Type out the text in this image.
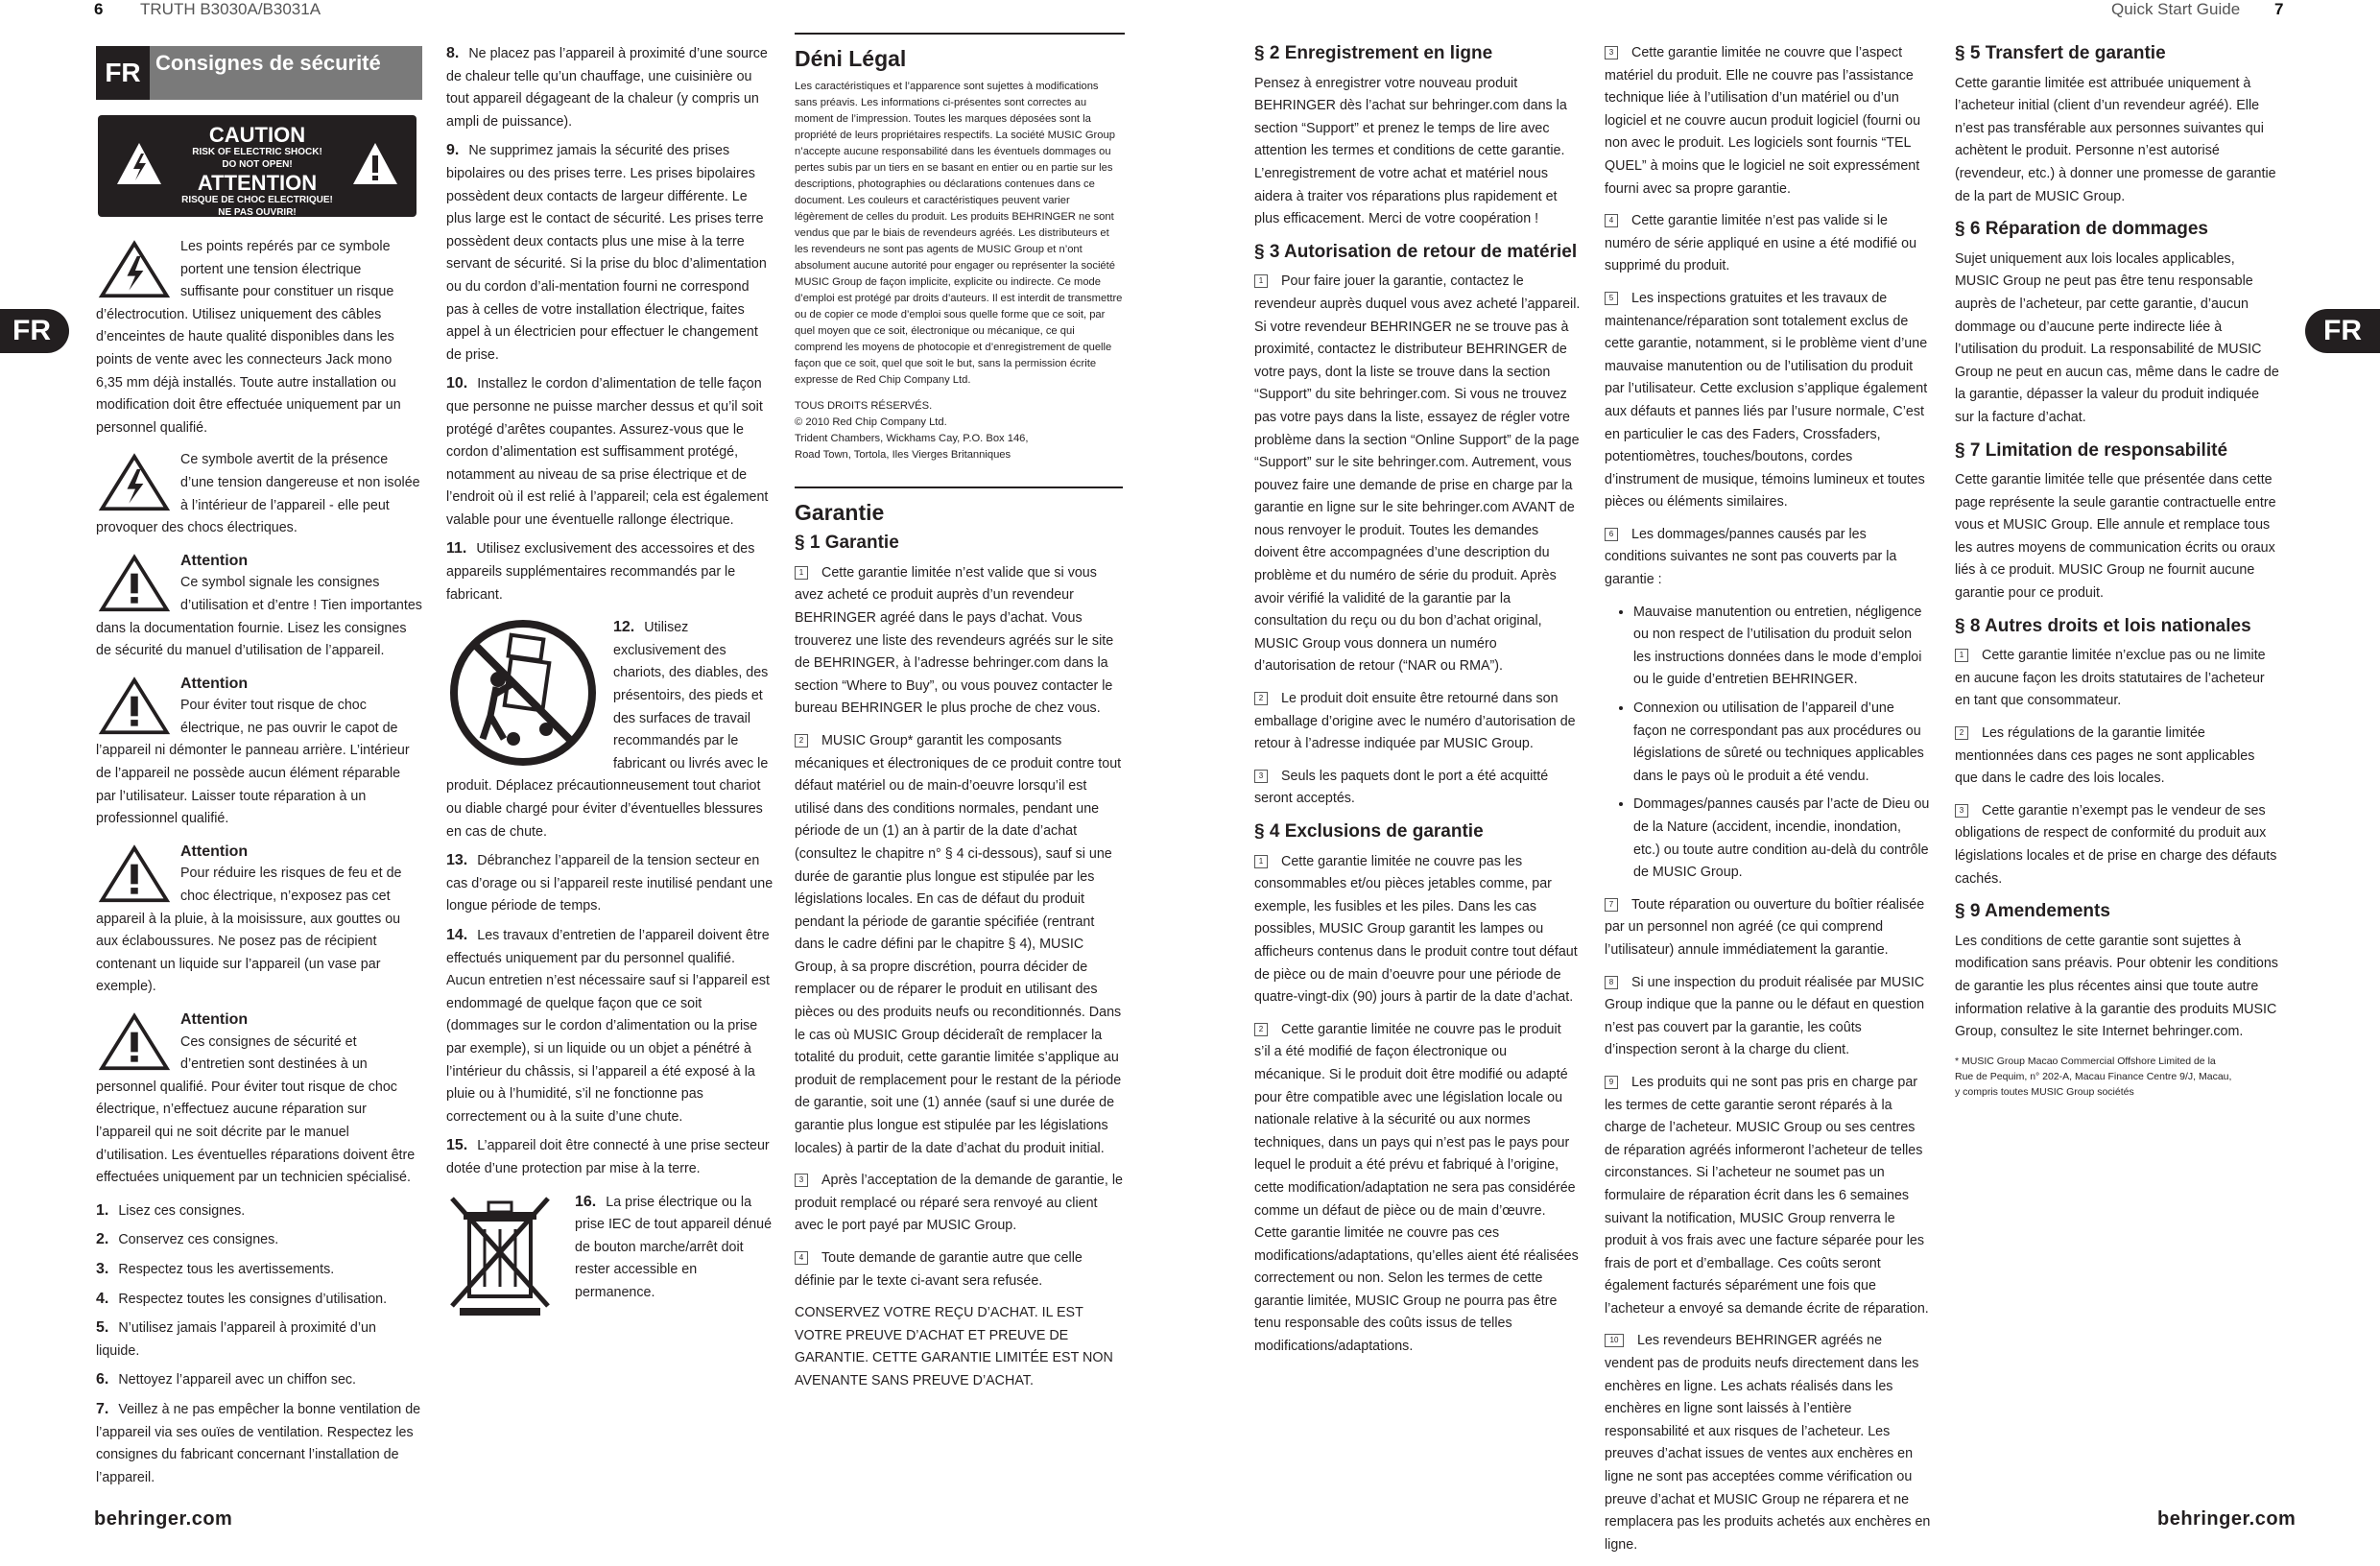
6 TRUTH B3030A/B3031A	Quick Start Guide 7
FR	FR
FR Consignes de sécurité
CAUTION
RISK OF ELECTRIC SHOCK!
DO NOT OPEN!
ATTENTION
RISQUE DE CHOC ELECTRIQUE!
NE PAS OUVRIR!

Les points repérés par ce symbole portent une tension électrique suffisante pour constituer un risque d’électrocution. Utilisez uniquement des câbles d’enceintes de haute qualité disponibles dans les points de vente avec les connecteurs Jack mono 6,35 mm déjà installés. Toute autre installation ou modification doit être effectuée uniquement par un personnel qualifié.

Ce symbole avertit de la présence d’une tension dangereuse et non isolée à l’intérieur de l’appareil - elle peut provoquer des chocs électriques.

Attention

Ce symbol signale les consignes d’utilisation et d’entre ! Tien importantes dans la documentation fournie. Lisez les consignes de sécurité du manuel d’utilisation de l’appareil.

Attention

Pour éviter tout risque de choc électrique, ne pas ouvrir le capot de l’appareil ni démonter le panneau arrière. L’intérieur de l’appareil ne possède aucun élément réparable par l’utilisateur. Laisser toute réparation à un professionnel qualifié.

Attention

Pour réduire les risques de feu et de choc électrique, n’exposez pas cet appareil à la pluie, à la moisissure, aux gouttes ou aux éclaboussures. Ne posez pas de récipient contenant un liquide sur l’appareil (un vase par exemple).

Attention

Ces consignes de sécurité et d’entretien sont destinées à un personnel qualifié. Pour éviter tout risque de choc électrique, n’effectuez aucune réparation sur l’appareil qui ne soit décrite par le manuel d’utilisation. Les éventuelles réparations doivent être effectuées uniquement par un technicien spécialisé.

1. Lisez ces consignes.
2. Conservez ces consignes.
3. Respectez tous les avertissements.
4. Respectez toutes les consignes d’utilisation.
5. N’utilisez jamais l’appareil à proximité d’un liquide.
6. Nettoyez l’appareil avec un chiffon sec.
7. Veillez à ne pas empêcher la bonne ventilation de l’appareil via ses ouïes de ventilation. Respectez les consignes du fabricant concernant l’installation de l’appareil.
8. Ne placez pas l’appareil à proximité d’une source de chaleur telle qu’un chauffage, une cuisinière ou tout appareil dégageant de la chaleur (y compris un ampli de puissance).
9. Ne supprimez jamais la sécurité des prises bipolaires ou des prises terre. Les prises bipolaires possèdent deux contacts de largeur différente. Le plus large est le contact de sécurité. Les prises terre possèdent deux contacts plus une mise à la terre servant de sécurité. Si la prise du bloc d’alimentation ou du cordon d’ali-mentation fourni ne correspond pas à celles de votre installation électrique, faites appel à un électricien pour effectuer le changement de prise.
10. Installez le cordon d’alimentation de telle façon que personne ne puisse marcher dessus et qu’il soit protégé d’arêtes coupantes. Assurez-vous que le cordon d’alimentation est suffisamment protégé, notamment au niveau de sa prise électrique et de l’endroit où il est relié à l’appareil; cela est également valable pour une éventuelle rallonge électrique.
11. Utilisez exclusivement des accessoires et des appareils supplémentaires recommandés par le fabricant.
12. Utilisez exclusivement des chariots, des diables, des présentoirs, des pieds et des surfaces de travail recommandés par le fabricant ou livrés avec le produit. Déplacez précautionneusement tout chariot ou diable chargé pour éviter d’éventuelles blessures en cas de chute.
13. Débranchez l’appareil de la tension secteur en cas d’orage ou si l’appareil reste inutilisé pendant une longue période de temps.
14. Les travaux d’entretien de l’appareil doivent être effectués uniquement par du personnel qualifié. Aucun entretien n’est nécessaire sauf si l’appareil est endommagé de quelque façon que ce soit (dommages sur le cordon d’alimentation ou la prise par exemple), si un liquide ou un objet a pénétré à l’intérieur du châssis, si l’appareil a été exposé à la pluie ou à l’humidité, s’il ne fonctionne pas correctement ou à la suite d’une chute.
15. L’appareil doit être connecté à une prise secteur dotée d’une protection par mise à la terre.
16. La prise électrique ou la prise IEC de tout appareil dénué de bouton marche/arrêt doit rester accessible en permanence.
Déni Légal

Les caractéristiques et l’apparence sont sujettes à modifications sans préavis. Les informations ci-présentes sont correctes au moment de l’impression. Toutes les marques déposées sont la propriété de leurs propriétaires respectifs. La société MUSIC Group n’accepte aucune responsabilité dans les éventuels dommages ou pertes subis par un tiers en se basant en entier ou en partie sur les descriptions, photographies ou déclarations contenues dans ce document. Les couleurs et caractéristiques peuvent varier légèrement de celles du produit. Les produits BEHRINGER ne sont vendus que par le biais de revendeurs agréés. Les distributeurs et les revendeurs ne sont pas agents de MUSIC Group et n’ont absolument aucune autorité pour engager ou représenter la société MUSIC Group de façon implicite, explicite ou indirecte. Ce mode d’emploi est protégé par droits d’auteurs. Il est interdit de transmettre ou de copier ce mode d’emploi sous quelle forme que ce soit, par quel moyen que ce soit, électronique ou mécanique, ce qui comprend les moyens de photocopie et d’enregistrement de quelle façon que ce soit, quel que soit le but, sans la permission écrite expresse de Red Chip Company Ltd.

TOUS DROITS RÉSERVÉS.
© 2010 Red Chip Company Ltd.
Trident Chambers, Wickhams Cay, P.O. Box 146,
Road Town, Tortola, Iles Vierges Britanniques
Garantie
§ 1 Garantie

1 Cette garantie limitée n’est valide que si vous avez acheté ce produit auprès d’un revendeur BEHRINGER agréé dans le pays d’achat. Vous trouverez une liste des revendeurs agréés sur le site de BEHRINGER, à l’adresse behringer.com dans la section “Where to Buy”, ou vous pouvez contacter le bureau BEHRINGER le plus proche de chez vous.

2 MUSIC Group* garantit les composants mécaniques et électroniques de ce produit contre tout défaut matériel ou de main-d’oeuvre lorsqu’il est utilisé dans des conditions normales, pendant une période de un (1) an à partir de la date d’achat (consultez le chapitre n° § 4 ci-dessous), sauf si une durée de garantie plus longue est stipulée par les législations locales. En cas de défaut du produit pendant la période de garantie spécifiée (rentrant dans le cadre défini par le chapitre § 4), MUSIC Group, à sa propre discrétion, pourra décider de remplacer ou de réparer le produit en utilisant des pièces ou des produits neufs ou reconditionnés. Dans le cas où MUSIC Group décideraît de remplacer la totalité du produit, cette garantie limitée s’applique au produit de remplacement pour le restant de la période de garantie, soit une (1) année (sauf si une durée de garantie plus longue est stipulée par les législations locales) à partir de la date d’achat du produit initial.

3 Après l’acceptation de la demande de garantie, le produit remplacé ou réparé sera renvoyé au client avec le port payé par MUSIC Group.

4 Toute demande de garantie autre que celle définie par le texte ci-avant sera refusée.

CONSERVEZ VOTRE REÇU D’ACHAT. IL EST VOTRE PREUVE D’ACHAT ET PREUVE DE GARANTIE. CETTE GARANTIE LIMITÉE EST NON AVENANTE SANS PREUVE D’ACHAT.

§ 2 Enregistrement en ligne

Pensez à enregistrer votre nouveau produit BEHRINGER dès l’achat sur behringer.com dans la section “Support” et prenez le temps de lire avec attention les termes et conditions de cette garantie. L’enregistrement de votre achat et matériel nous aidera à traiter vos réparations plus rapidement et plus efficacement. Merci de votre coopération !

§ 3 Autorisation de retour de matériel

1 Pour faire jouer la garantie, contactez le revendeur auprès duquel vous avez acheté l’appareil. Si votre revendeur BEHRINGER ne se trouve pas à proximité, contactez le distributeur BEHRINGER de votre pays, dont la liste se trouve dans la section “Support” du site behringer.com. Si vous ne trouvez pas votre pays dans la liste, essayez de régler votre problème dans la section “Online Support” de la page “Support” sur le site behringer.com. Autrement, vous pouvez faire une demande de prise en charge par la garantie en ligne sur le site behringer.com AVANT de nous renvoyer le produit. Toutes les demandes doivent être accompagnées d’une description du problème et du numéro de série du produit. Après avoir vérifié la validité de la garantie par la consultation du reçu ou du bon d’achat original, MUSIC Group vous donnera un numéro d’autorisation de retour (“NAR ou RMA”).

2 Le produit doit ensuite être retourné dans son emballage d’origine avec le numéro d’autorisation de retour à l’adresse indiquée par MUSIC Group.

3 Seuls les paquets dont le port a été acquitté seront acceptés.

§ 4 Exclusions de garantie

1 Cette garantie limitée ne couvre pas les consommables et/ou pièces jetables comme, par exemple, les fusibles et les piles. Dans les cas possibles, MUSIC Group garantit les lampes ou afficheurs contenus dans le produit contre tout défaut de pièce ou de main d’oeuvre pour une période de quatre-vingt-dix (90) jours à partir de la date d’achat.

2 Cette garantie limitée ne couvre pas le produit s’il a été modifié de façon électronique ou mécanique. Si le produit doit être modifié ou adapté pour être compatible avec une législation locale ou nationale relative à la sécurité ou aux normes techniques, dans un pays qui n’est pas le pays pour lequel le produit a été prévu et fabriqué à l’origine, cette modification/adaptation ne sera pas considérée comme un défaut de pièce ou de main d’œuvre. Cette garantie limitée ne couvre pas ces modifications/adaptations, qu’elles aient été réalisées correctement ou non. Selon les termes de cette garantie limitée, MUSIC Group ne pourra pas être tenu responsable des coûts issus de telles modifications/adaptations.

3 Cette garantie limitée ne couvre que l’aspect matériel du produit. Elle ne couvre pas l’assistance technique liée à l’utilisation d’un matériel ou d’un logiciel et ne couvre aucun produit logiciel (fourni ou non avec le produit. Les logiciels sont fournis “TEL QUEL” à moins que le logiciel ne soit expressément fourni avec sa propre garantie.

4 Cette garantie limitée n’est pas valide si le numéro de série appliqué en usine a été modifié ou supprimé du produit.

5 Les inspections gratuites et les travaux de maintenance/réparation sont totalement exclus de cette garantie, notamment, si le problème vient d’une mauvaise manutention ou de l’utilisation du produit par l’utilisateur. Cette exclusion s’applique également aux défauts et pannes liés par l’usure normale, C’est en particulier le cas des Faders, Crossfaders, potentiomètres, touches/boutons, cordes d’instrument de musique, témoins lumineux et toutes pièces ou éléments similaires.

6 Les dommages/pannes causés par les conditions suivantes ne sont pas couverts par la garantie :

• Mauvaise manutention ou entretien, négligence ou non respect de l’utilisation du produit selon les instructions données dans le mode d’emploi ou le guide d’entretien BEHRINGER.
• Connexion ou utilisation de l’appareil d’une façon ne correspondant pas aux procédures ou législations de sûreté ou techniques applicables dans le pays où le produit a été vendu.
• Dommages/pannes causés par l’acte de Dieu ou de la Nature (accident, incendie, inondation, etc.) ou toute autre condition au-delà du contrôle de MUSIC Group.

7 Toute réparation ou ouverture du boîtier réalisée par un personnel non agréé (ce qui comprend l’utilisateur) annule immédiatement la garantie.

8 Si une inspection du produit réalisée par MUSIC Group indique que la panne ou le défaut en question n’est pas couvert par la garantie, les coûts d’inspection seront à la charge du client.

9 Les produits qui ne sont pas pris en charge par les termes de cette garantie seront réparés à la charge de l’acheteur. MUSIC Group ou ses centres de réparation agréés informeront l’acheteur de telles circonstances. Si l’acheteur ne soumet pas un formulaire de réparation écrit dans les 6 semaines suivant la notification, MUSIC Group renverra le produit à vos frais avec une facture séparée pour les frais de port et d’emballage. Ces coûts seront également facturés séparément une fois que l’acheteur a envoyé sa demande écrite de réparation.

10 Les revendeurs BEHRINGER agréés ne vendent pas de produits neufs directement dans les enchères en ligne. Les achats réalisés dans les enchères en ligne sont laissés à l’entière responsabilité et aux risques de l’acheteur. Les preuves d’achat issues de ventes aux enchères en ligne ne sont pas acceptées comme vérification ou preuve d’achat et MUSIC Group ne réparera et ne remplacera pas les produits achetés aux enchères en ligne.

§ 5 Transfert de garantie

Cette garantie limitée est attribuée uniquement à l’acheteur initial (client d’un revendeur agréé). Elle n’est pas transférable aux personnes suivantes qui achètent le produit. Personne n’est autorisé (revendeur, etc.) à donner une promesse de garantie de la part de MUSIC Group.

§ 6 Réparation de dommages

Sujet uniquement aux lois locales applicables, MUSIC Group ne peut pas être tenu responsable auprès de l’acheteur, par cette garantie, d’aucun dommage ou d’aucune perte indirecte liée à l’utilisation du produit. La responsabilité de MUSIC Group ne peut en aucun cas, même dans le cadre de la garantie, dépasser la valeur du produit indiquée sur la facture d’achat.

§ 7 Limitation de responsabilité

Cette garantie limitée telle que présentée dans cette page représente la seule garantie contractuelle entre vous et MUSIC Group. Elle annule et remplace tous les autres moyens de communication écrits ou oraux liés à ce produit. MUSIC Group ne fournit aucune garantie pour ce produit.

§ 8 Autres droits et lois nationales

1 Cette garantie limitée n’exclue pas ou ne limite en aucune façon les droits statutaires de l’acheteur en tant que consommateur.

2 Les régulations de la garantie limitée mentionnées dans ces pages ne sont applicables que dans le cadre des lois locales.

3 Cette garantie n’exempt pas le vendeur de ses obligations de respect de conformité du produit aux législations locales et de prise en charge des défauts cachés.

§ 9 Amendements

Les conditions de cette garantie sont sujettes à modification sans préavis. Pour obtenir les conditions de garantie les plus récentes ainsi que toute autre information relative à la garantie des produits MUSIC Group, consultez le site Internet behringer.com.

* MUSIC Group Macao Commercial Offshore Limited de la
Rue de Pequim, n° 202-A, Macau Finance Centre 9/J, Macau,
y compris toutes MUSIC Group sociétés
behringer.com	behringer.com
